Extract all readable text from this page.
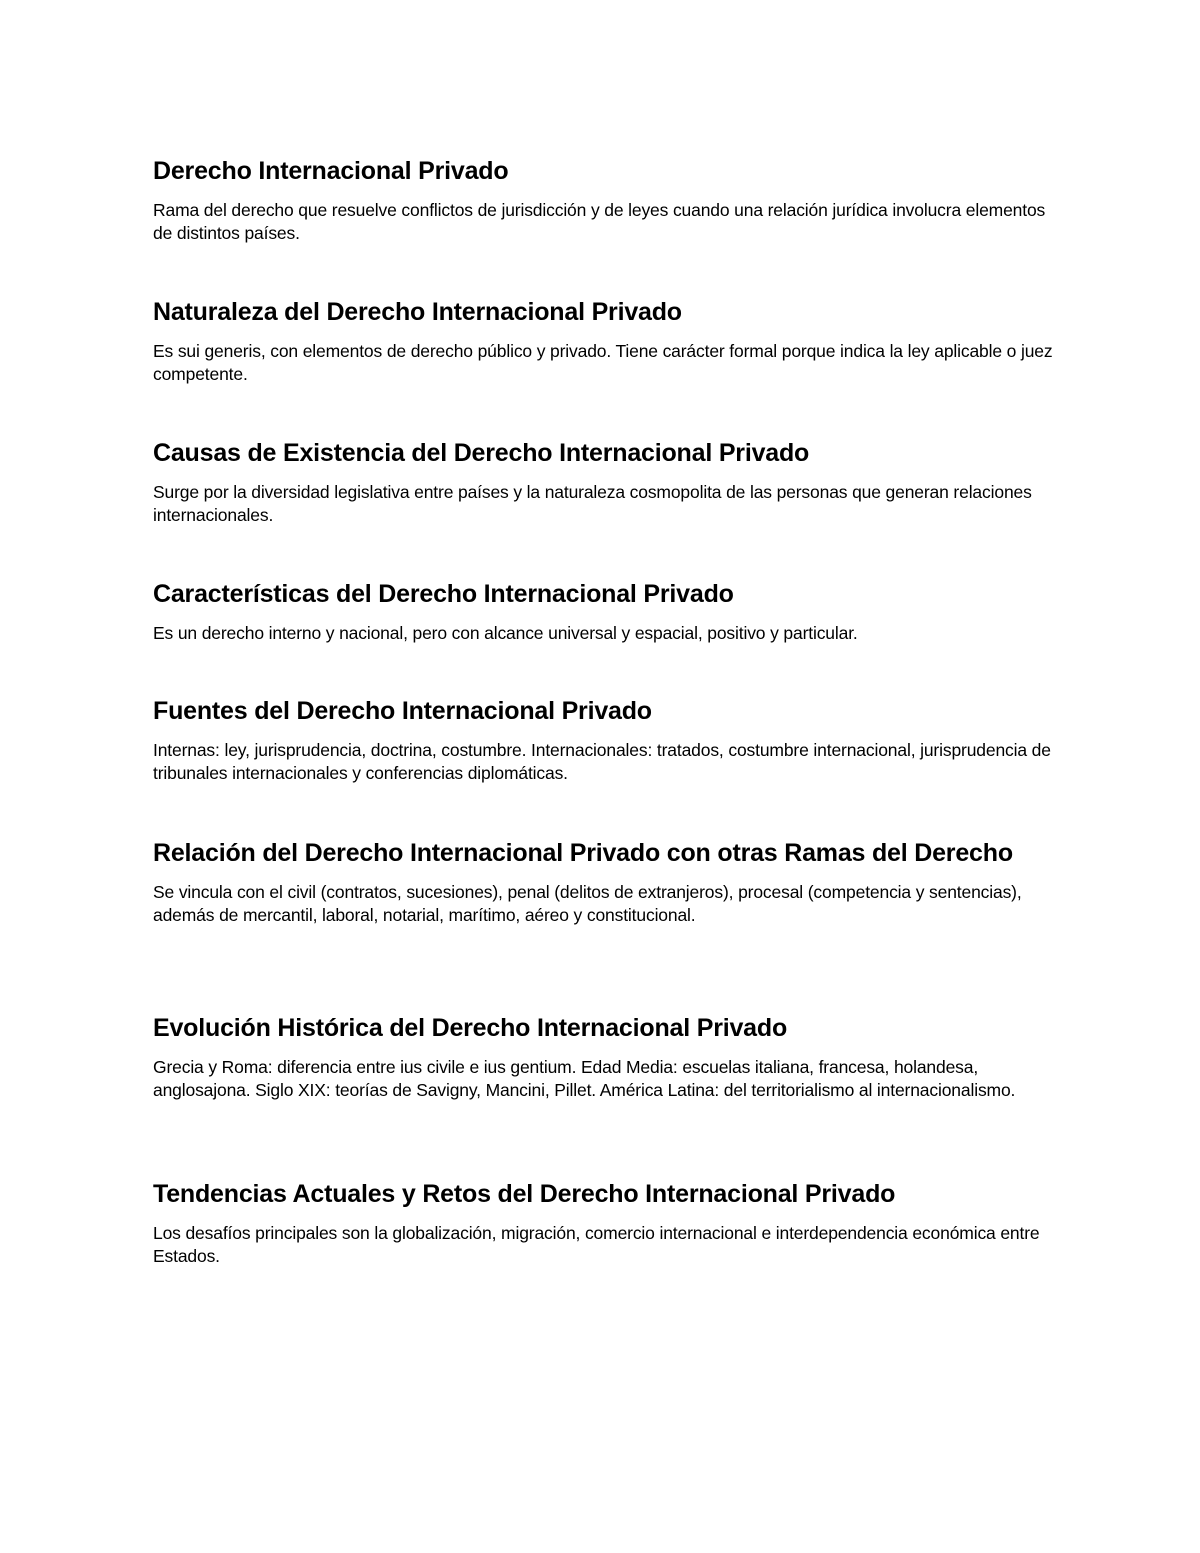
Derecho Internacional Privado

Rama del derecho que resuelve conflictos de jurisdicción y de leyes cuando una relación jurídica involucra elementos de distintos países.

Naturaleza del Derecho Internacional Privado

Es sui generis, con elementos de derecho público y privado. Tiene carácter formal porque indica la ley aplicable o juez competente.

Causas de Existencia del Derecho Internacional Privado

Surge por la diversidad legislativa entre países y la naturaleza cosmopolita de las personas que generan relaciones internacionales.

Características del Derecho Internacional Privado

Es un derecho interno y nacional, pero con alcance universal y espacial, positivo y particular.

Fuentes del Derecho Internacional Privado

Internas: ley, jurisprudencia, doctrina, costumbre. Internacionales: tratados, costumbre internacional, jurisprudencia de tribunales internacionales y conferencias diplomáticas.

Relación del Derecho Internacional Privado con otras Ramas del Derecho

Se vincula con el civil (contratos, sucesiones), penal (delitos de extranjeros), procesal (competencia y sentencias), además de mercantil, laboral, notarial, marítimo, aéreo y constitucional.

Evolución Histórica del Derecho Internacional Privado

Grecia y Roma: diferencia entre ius civile e ius gentium. Edad Media: escuelas italiana, francesa, holandesa, anglosajona. Siglo XIX: teorías de Savigny, Mancini, Pillet. América Latina: del territorialismo al internacionalismo.

Tendencias Actuales y Retos del Derecho Internacional Privado

Los desafíos principales son la globalización, migración, comercio internacional e interdependencia económica entre Estados.
